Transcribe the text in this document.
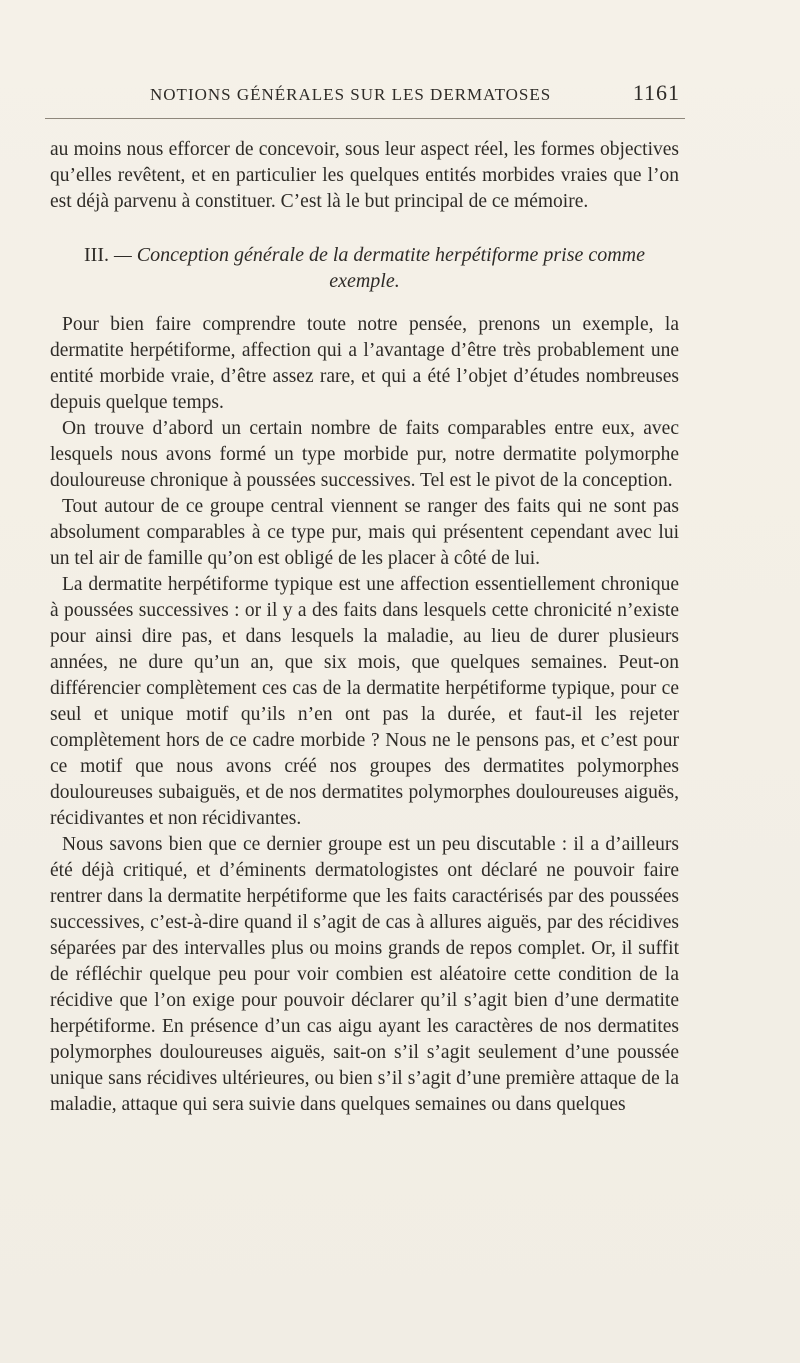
NOTIONS GÉNÉRALES SUR LES DERMATOSES	1161

au moins nous efforcer de concevoir, sous leur aspect réel, les formes objectives qu’elles revêtent, et en particulier les quelques entités morbides vraies que l’on est déjà parvenu à constituer. C’est là le but principal de ce mémoire.

III. — Conception générale de la dermatite herpétiforme prise comme exemple.

Pour bien faire comprendre toute notre pensée, prenons un exemple, la dermatite herpétiforme, affection qui a l’avantage d’être très probablement une entité morbide vraie, d’être assez rare, et qui a été l’objet d’études nombreuses depuis quelque temps.

On trouve d’abord un certain nombre de faits comparables entre eux, avec lesquels nous avons formé un type morbide pur, notre dermatite polymorphe douloureuse chronique à poussées successives. Tel est le pivot de la conception.

Tout autour de ce groupe central viennent se ranger des faits qui ne sont pas absolument comparables à ce type pur, mais qui présentent cependant avec lui un tel air de famille qu’on est obligé de les placer à côté de lui.

La dermatite herpétiforme typique est une affection essentiellement chronique à poussées successives : or il y a des faits dans lesquels cette chronicité n’existe pour ainsi dire pas, et dans lesquels la maladie, au lieu de durer plusieurs années, ne dure qu’un an, que six mois, que quelques semaines. Peut-on différencier complètement ces cas de la dermatite herpétiforme typique, pour ce seul et unique motif qu’ils n’en ont pas la durée, et faut-il les rejeter complètement hors de ce cadre morbide ? Nous ne le pensons pas, et c’est pour ce motif que nous avons créé nos groupes des dermatites polymorphes douloureuses subaiguës, et de nos dermatites polymorphes douloureuses aiguës, récidivantes et non récidivantes.

Nous savons bien que ce dernier groupe est un peu discutable : il a d’ailleurs été déjà critiqué, et d’éminents dermatologistes ont déclaré ne pouvoir faire rentrer dans la dermatite herpétiforme que les faits caractérisés par des poussées successives, c’est-à-dire quand il s’agit de cas à allures aiguës, par des récidives séparées par des intervalles plus ou moins grands de repos complet. Or, il suffit de réfléchir quelque peu pour voir combien est aléatoire cette condition de la récidive que l’on exige pour pouvoir déclarer qu’il s’agit bien d’une dermatite herpétiforme. En présence d’un cas aigu ayant les caractères de nos dermatites polymorphes douloureuses aiguës, sait-on s’il s’agit seulement d’une poussée unique sans récidives ultérieures, ou bien s’il s’agit d’une première attaque de la maladie, attaque qui sera suivie dans quelques semaines ou dans quelques
